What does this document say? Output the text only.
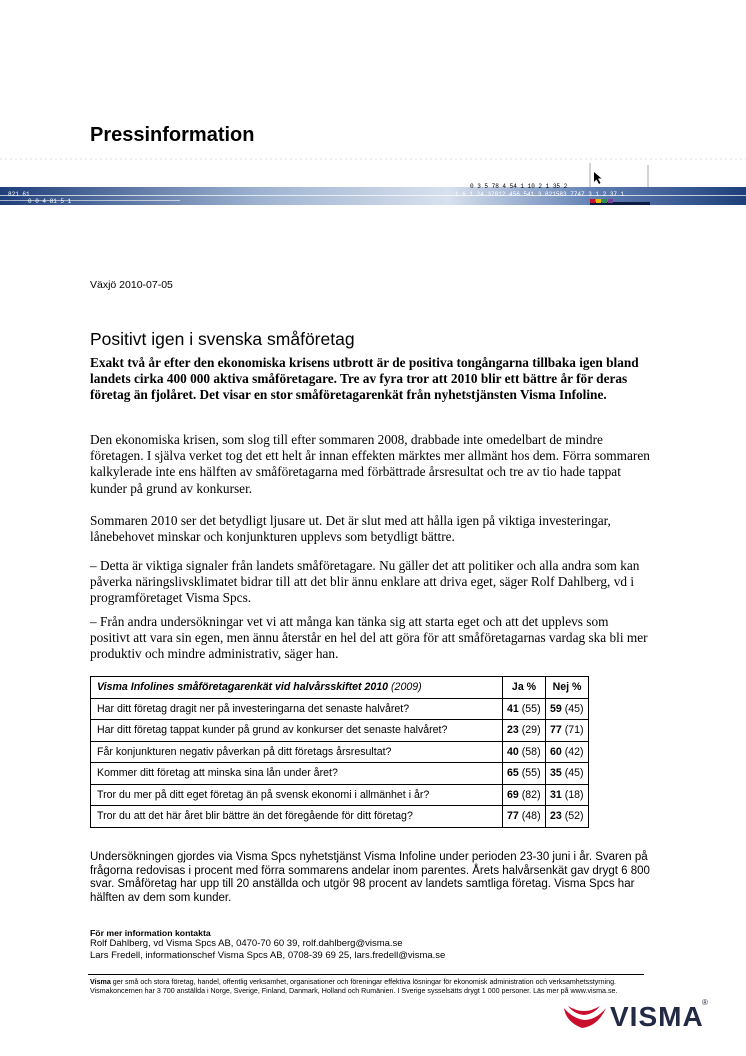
Pressinformation
0 3 5 78 4 54 1 10 2 1 35 2
1 6 1 24 37812 456 541 3 821583 7747 3 1 2 37 1
821 61
0 0 4 81 5 1
Växjö 2010-07-05
Positivt igen i svenska småföretag
Exakt två år efter den ekonomiska krisens utbrott är de positiva tongångarna tillbaka igen bland landets cirka 400 000 aktiva småföretagare. Tre av fyra tror att 2010 blir ett bättre år för deras företag än fjolåret. Det visar en stor småföretagarenkät från nyhetstjänsten Visma Infoline.
Den ekonomiska krisen, som slog till efter sommaren 2008, drabbade inte omedelbart de mindre företagen. I själva verket tog det ett helt år innan effekten märktes mer allmänt hos dem. Förra sommaren kalkylerade inte ens hälften av småföretagarna med förbättrade årsresultat och tre av tio hade tappat kunder på grund av konkurser.
Sommaren 2010 ser det betydligt ljusare ut. Det är slut med att hålla igen på viktiga investeringar, lånebehovet minskar och konjunkturen upplevs som betydligt bättre.
– Detta är viktiga signaler från landets småföretagare. Nu gäller det att politiker och alla andra som kan påverka näringslivsklimatet bidrar till att det blir ännu enklare att driva eget, säger Rolf Dahlberg, vd i programföretaget Visma Spcs.
– Från andra undersökningar vet vi att många kan tänka sig att starta eget och att det upplevs som positivt att vara sin egen, men ännu återstår en hel del att göra för att småföretagarnas vardag ska bli mer produktiv och mindre administrativ, säger han.
Visma Infolines småföretagarenkät vid halvårsskiftet 2010 (2009)	Ja %	Nej %
Har ditt företag dragit ner på investeringarna det senaste halvåret?	41 (55)	59 (45)
Har ditt företag tappat kunder på grund av konkurser det senaste halvåret?	23 (29)	77 (71)
Får konjunkturen negativ påverkan på ditt företags årsresultat?	40 (58)	60 (42)
Kommer ditt företag att minska sina lån under året?	65 (55)	35 (45)
Tror du mer på ditt eget företag än på svensk ekonomi i allmänhet i år?	69 (82)	31 (18)
Tror du att det här året blir bättre än det föregående för ditt företag?	77 (48)	23 (52)
Undersökningen gjordes via Visma Spcs nyhetstjänst Visma Infoline under perioden 23-30 juni i år. Svaren på frågorna redovisas i procent med förra sommarens andelar inom parentes. Årets halvårsenkät gav drygt 6 800 svar. Småföretag har upp till 20 anställda och utgör 98 procent av landets samtliga företag. Visma Spcs har hälften av dem som kunder.
För mer information kontakta
Rolf Dahlberg, vd Visma Spcs AB, 0470-70 60 39, rolf.dahlberg@visma.se
Lars Fredell, informationschef Visma Spcs AB, 0708-39 69 25, lars.fredell@visma.se
Visma ger små och stora företag, handel, offentlig verksamhet, organisationer och föreningar effektiva lösningar för ekonomisk administration och verksamhetsstyrning. Vismakoncernen har 3 700 anställda i Norge, Sverige, Finland, Danmark, Holland och Rumänien. I Sverige sysselsätts drygt 1 000 personer. Läs mer på www.visma.se.
VISMA
®
